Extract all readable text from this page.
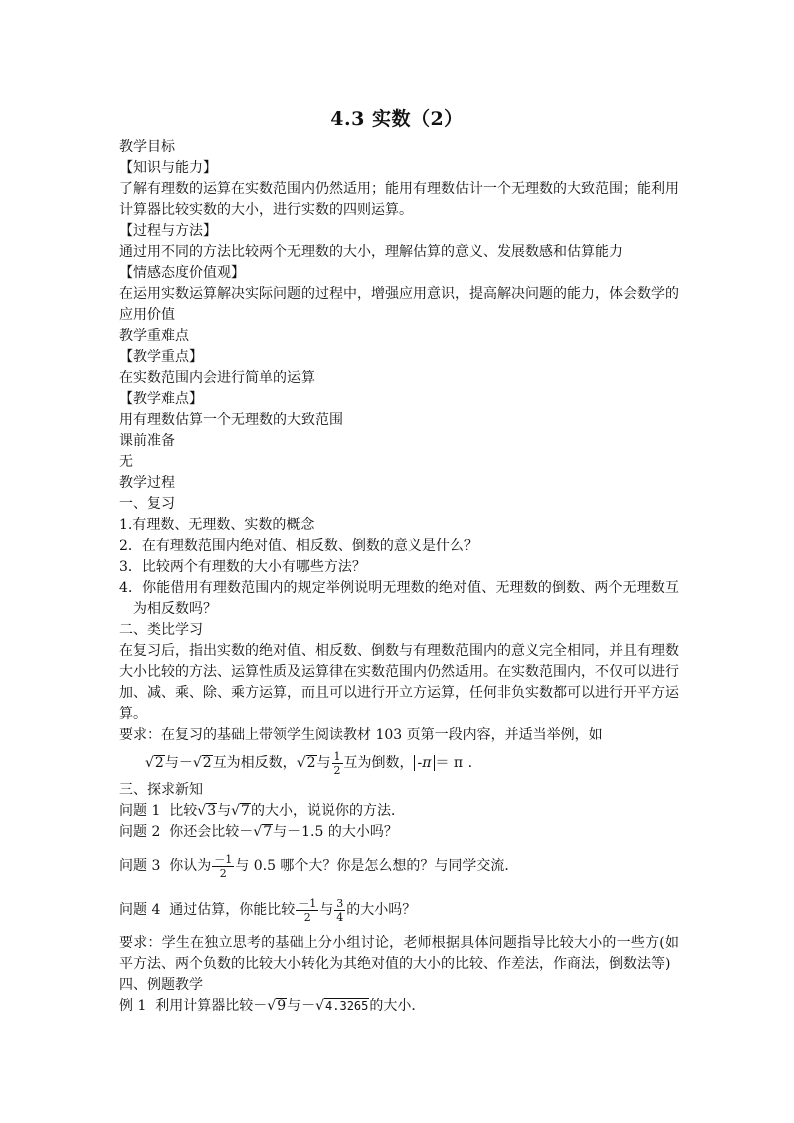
4.3 实数（2）

教学目标

【知识与能力】

了解有理数的运算在实数范围内仍然适用；能用有理数估计一个无理数的大致范围；能利用计算器比较实数的大小，进行实数的四则运算。

【过程与方法】

通过用不同的方法比较两个无理数的大小，理解估算的意义、发展数感和估算能力

【情感态度价值观】

在运用实数运算解决实际问题的过程中，增强应用意识，提高解决问题的能力，体会数学的应用价值

教学重难点

【教学重点】

在实数范围内会进行简单的运算

【教学难点】

用有理数估算一个无理数的大致范围

课前准备

无

教学过程

一、复习

1.有理数、无理数、实数的概念

2．在有理数范围内绝对值、相反数、倒数的意义是什么？

3．比较两个有理数的大小有哪些方法？

4．你能借用有理数范围内的规定举例说明无理数的绝对值、无理数的倒数、两个无理数互为相反数吗？

二、类比学习

在复习后，指出实数的绝对值、相反数、倒数与有理数范围内的意义完全相同，并且有理数大小比较的方法、运算性质及运算律在实数范围内仍然适用。在实数范围内，不仅可以进行加、减、乘、除、乘方运算，而且可以进行开立方运算，任何非负实数都可以进行开平方运算。

要求：在复习的基础上带领学生阅读教材 103 页第一段内容，并适当举例，如

√2与－√2互为相反数，√2与 $\frac{1}{2}$ 互为倒数， -π ＝ π .

三、探求新知

问题 1 比较√3与√7的大小，说说你的方法．

问题 2 你还会比较－√7与－1.5 的大小吗？

问题 3 你认为 $\frac{-1}{2}$ 与 0.5 哪个大？你是怎么想的？与同学交流．

问题 4 通过估算，你能比较 $\frac{-1}{2}$ 与 $\frac{3}{4}$ 的大小吗？

要求：学生在独立思考的基础上分小组讨论，老师根据具体问题指导比较大小的一些方(如平方法、两个负数的比较大小转化为其绝对值的大小的比较、作差法，作商法，倒数法等)

四、例题教学

例 1 利用计算器比较－√9与－√4.3265的大小．
